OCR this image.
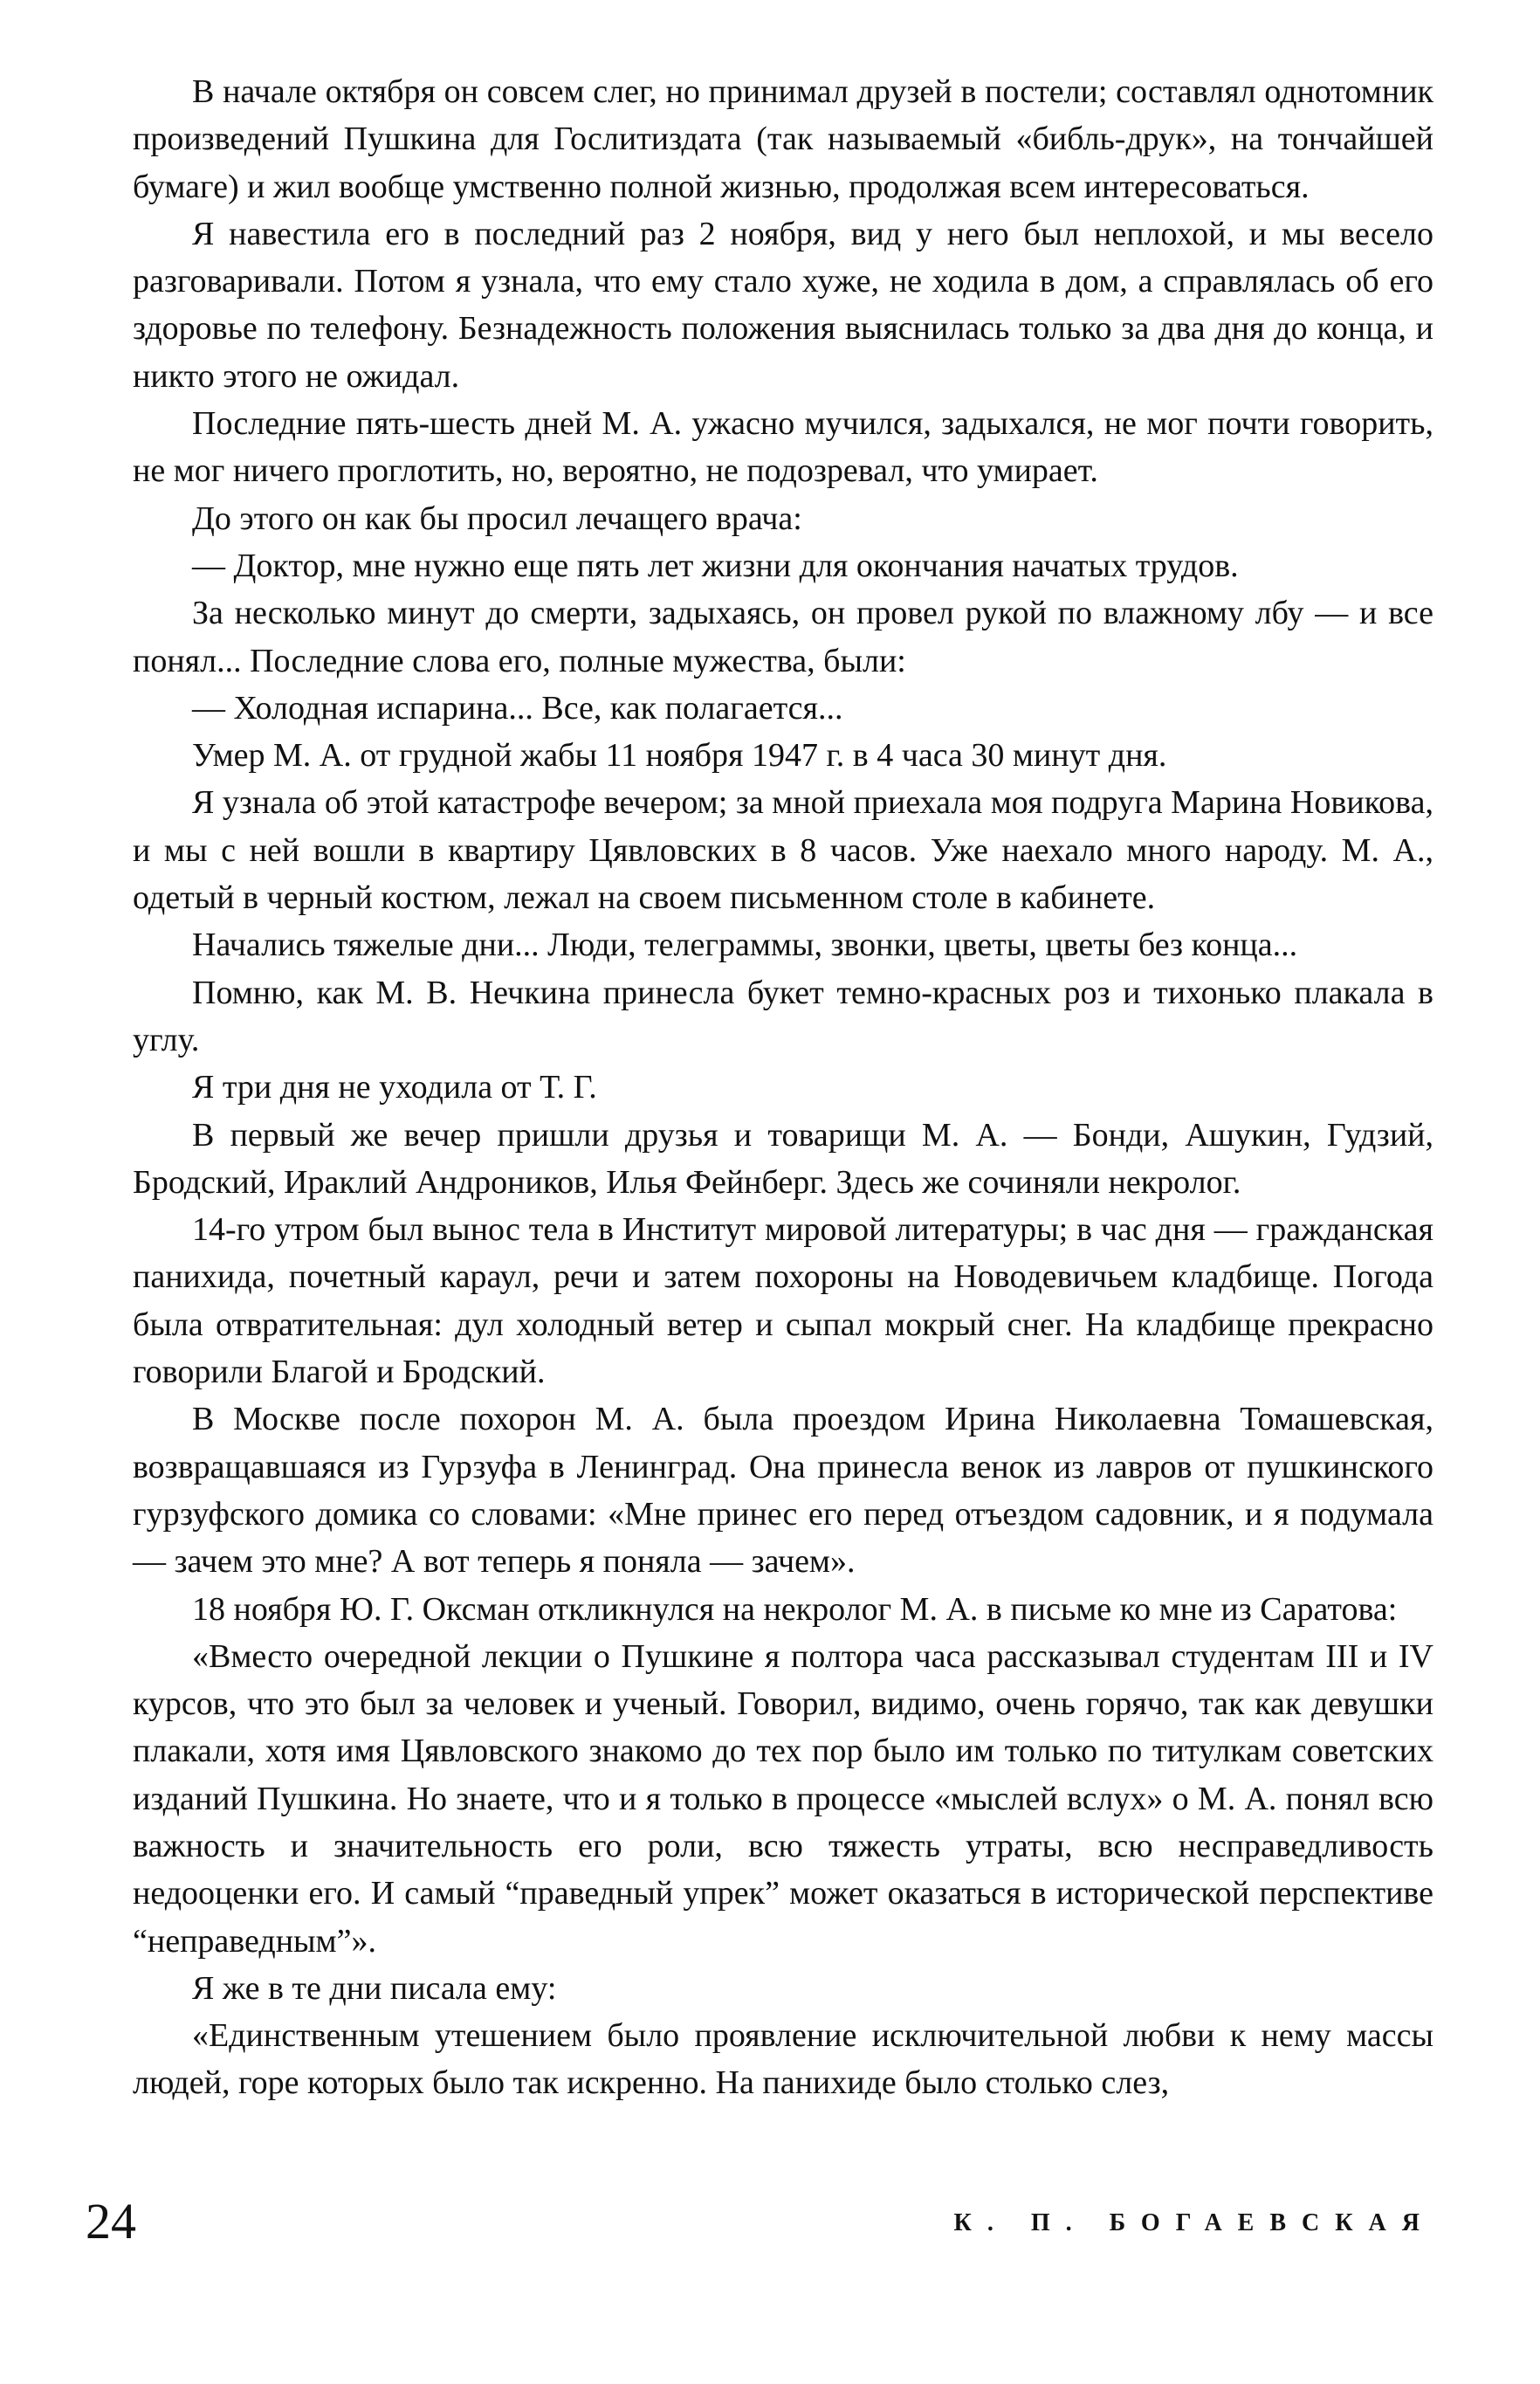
В начале октября он совсем слег, но принимал друзей в постели; составлял однотомник произведений Пушкина для Гослитиздата (так называемый «библь-друк», на тончайшей бумаге) и жил вообще умственно полной жизнью, продолжая всем интересоваться.

Я навестила его в последний раз 2 ноября, вид у него был неплохой, и мы весело разговаривали. Потом я узнала, что ему стало хуже, не ходила в дом, а справлялась об его здоровье по телефону. Безнадежность положения выяснилась только за два дня до конца, и никто этого не ожидал.

Последние пять-шесть дней М. А. ужасно мучился, задыхался, не мог почти говорить, не мог ничего проглотить, но, вероятно, не подозревал, что умирает.

До этого он как бы просил лечащего врача:

— Доктор, мне нужно еще пять лет жизни для окончания начатых трудов.

За несколько минут до смерти, задыхаясь, он провел рукой по влажному лбу — и все понял... Последние слова его, полные мужества, были:

— Холодная испарина... Все, как полагается...

Умер М. А. от грудной жабы 11 ноября 1947 г. в 4 часа 30 минут дня.

Я узнала об этой катастрофе вечером; за мной приехала моя подруга Марина Новикова, и мы с ней вошли в квартиру Цявловских в 8 часов. Уже наехало много народу. М. А., одетый в черный костюм, лежал на своем письменном столе в кабинете.

Начались тяжелые дни... Люди, телеграммы, звонки, цветы, цветы без конца...

Помню, как М. В. Нечкина принесла букет темно-красных роз и тихонько плакала в углу.

Я три дня не уходила от Т. Г.

В первый же вечер пришли друзья и товарищи М. А. — Бонди, Ашукин, Гудзий, Бродский, Ираклий Андроников, Илья Фейнберг. Здесь же сочиняли некролог.

14-го утром был вынос тела в Институт мировой литературы; в час дня — гражданская панихида, почетный караул, речи и затем похороны на Новодевичьем кладбище. Погода была отвратительная: дул холодный ветер и сыпал мокрый снег. На кладбище прекрасно говорили Благой и Бродский.

В Москве после похорон М. А. была проездом Ирина Николаевна Томашевская, возвращавшаяся из Гурзуфа в Ленинград. Она принесла венок из лавров от пушкинского гурзуфского домика со словами: «Мне принес его перед отъездом садовник, и я подумала — зачем это мне? А вот теперь я поняла — зачем».

18 ноября Ю. Г. Оксман откликнулся на некролог М. А. в письме ко мне из Саратова:

«Вместо очередной лекции о Пушкине я полтора часа рассказывал студентам III и IV курсов, что это был за человек и ученый. Говорил, видимо, очень горячо, так как девушки плакали, хотя имя Цявловского знакомо до тех пор было им только по титулкам советских изданий Пушкина. Но знаете, что и я только в процессе «мыслей вслух» о М. А. понял всю важность и значительность его роли, всю тяжесть утраты, всю несправедливость недооценки его. И самый “праведный упрек” может оказаться в исторической перспективе “неправедным”».

Я же в те дни писала ему:

«Единственным утешением было проявление исключительной любви к нему массы людей, горе которых было так искренно. На панихиде было столько слез,

24	К. П. БОГАЕВСКАЯ
